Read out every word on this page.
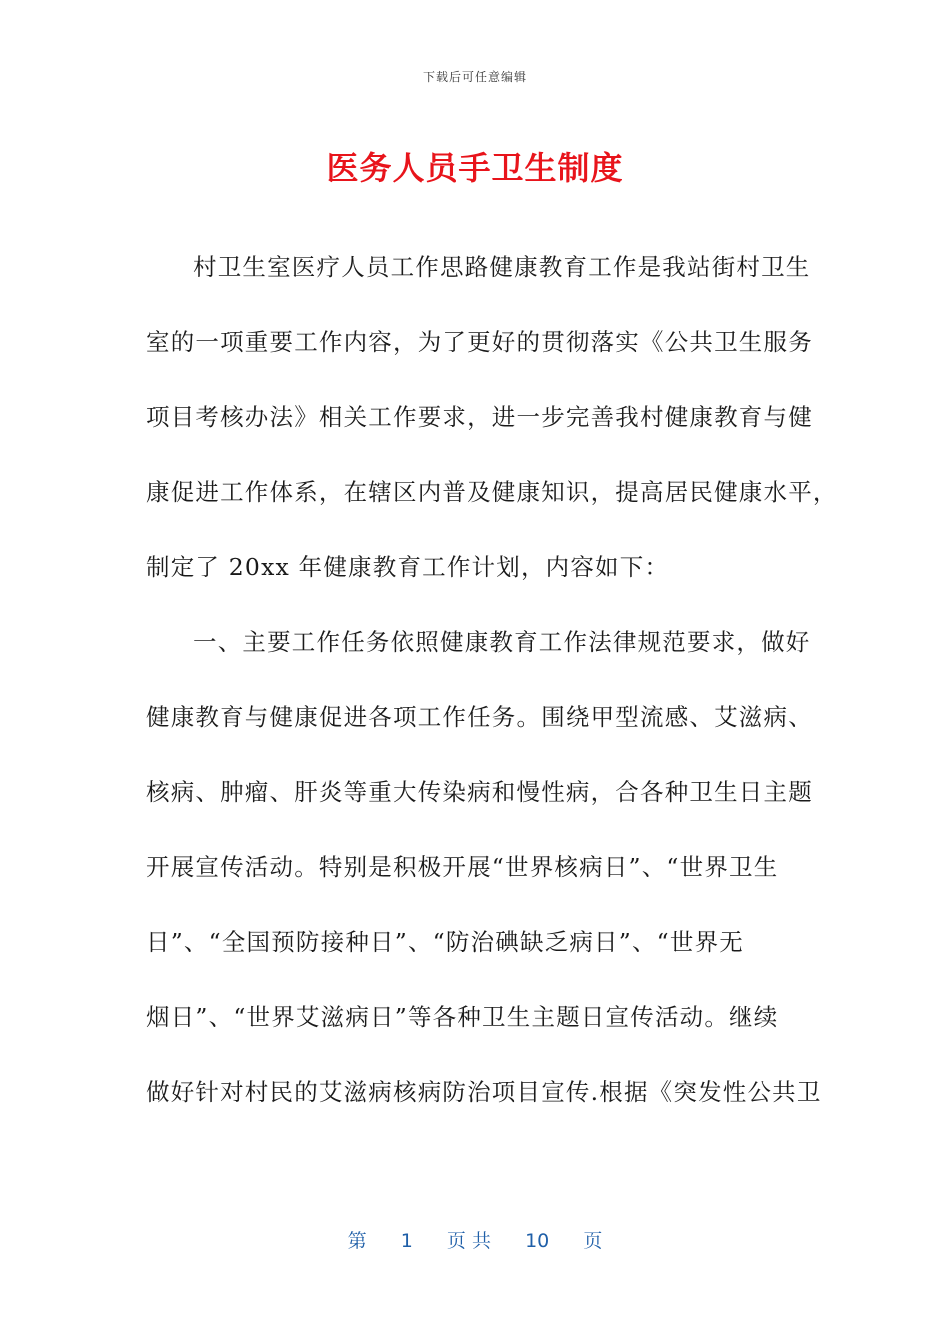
下载后可任意编辑
医务人员手卫生制度
村卫生室医疗人员工作思路健康教育工作是我站街村卫生
室的一项重要工作内容，为了更好的贯彻落实《公共卫生服务
项目考核办法》相关工作要求，进一步完善我村健康教育与健
康促进工作体系，在辖区内普及健康知识，提高居民健康水平，
制定了 20xx 年健康教育工作计划，内容如下：
一、主要工作任务依照健康教育工作法律规范要求，做好
健康教育与健康促进各项工作任务。围绕甲型流感、艾滋病、
核病、肿瘤、肝炎等重大传染病和慢性病，合各种卫生日主题
开展宣传活动。特别是积极开展“世界核病日”、“世界卫生
日”、“全国预防接种日”、“防治碘缺乏病日”、“世界无
烟日”、“世界艾滋病日”等各种卫生主题日宣传活动。继续
做好针对村民的艾滋病核病防治项目宣传.根据《突发性公共卫
第 1 页 共 10 页
